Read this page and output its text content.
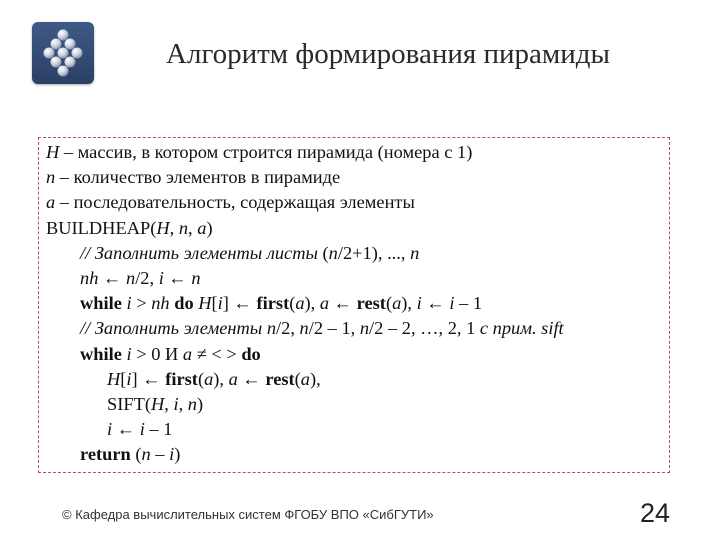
Алгоритм формирования пирамиды
H – массив, в котором строится пирамида (номера с 1)
n – количество элементов в пирамиде
a – последовательность, содержащая элементы
BUILDHEAP(H, n, a)
// Заполнить элементы листы (n/2+1), ..., n
nh ← n/2, i ← n
while i > nh do H[i] ← first(a), a ← rest(a), i ← i – 1
// Заполнить элементы n/2, n/2 – 1, n/2 – 2, …, 2, 1 с прим. sift
while i > 0 И a ≠ < > do
H[i] ← first(a), a ← rest(a),
SIFT(H, i, n)
i ← i – 1
return (n – i)
© Кафедра вычислительных систем ФГОБУ ВПО «СибГУТИ»	24
